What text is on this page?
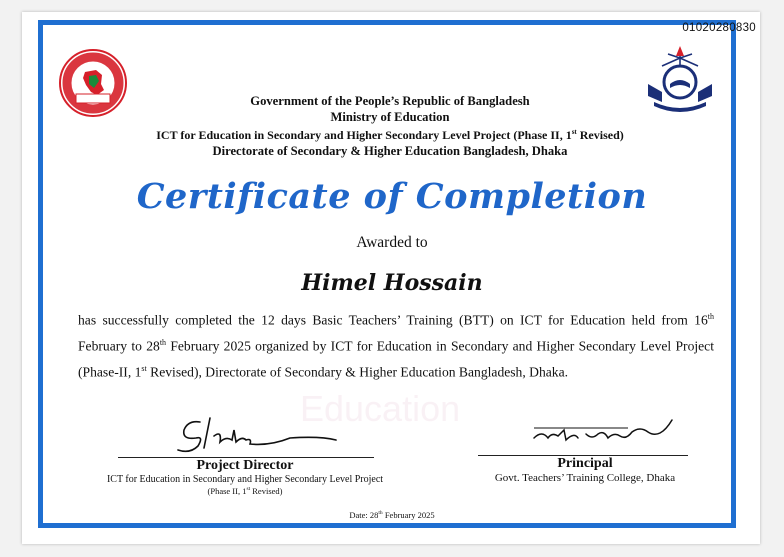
01020280830
Government of the People’s Republic of Bangladesh
Ministry of Education
ICT for Education in Secondary and Higher Secondary Level Project (Phase II, 1st Revised)
Directorate of Secondary & Higher Education Bangladesh, Dhaka
Certificate of Completion
Awarded to
Himel Hossain
Education
has successfully completed the 12 days Basic Teachers’ Training (BTT) on ICT for Education held from 16th February to 28th February 2025 organized by ICT for Education in Secondary and Higher Secondary Level Project (Phase-II, 1st Revised), Directorate of Secondary & Higher Education Bangladesh, Dhaka.
Project Director
ICT for Education in Secondary and Higher Secondary Level Project
(Phase II, 1st Revised)
Principal
Govt. Teachers’ Training College, Dhaka
Date: 28th February 2025
